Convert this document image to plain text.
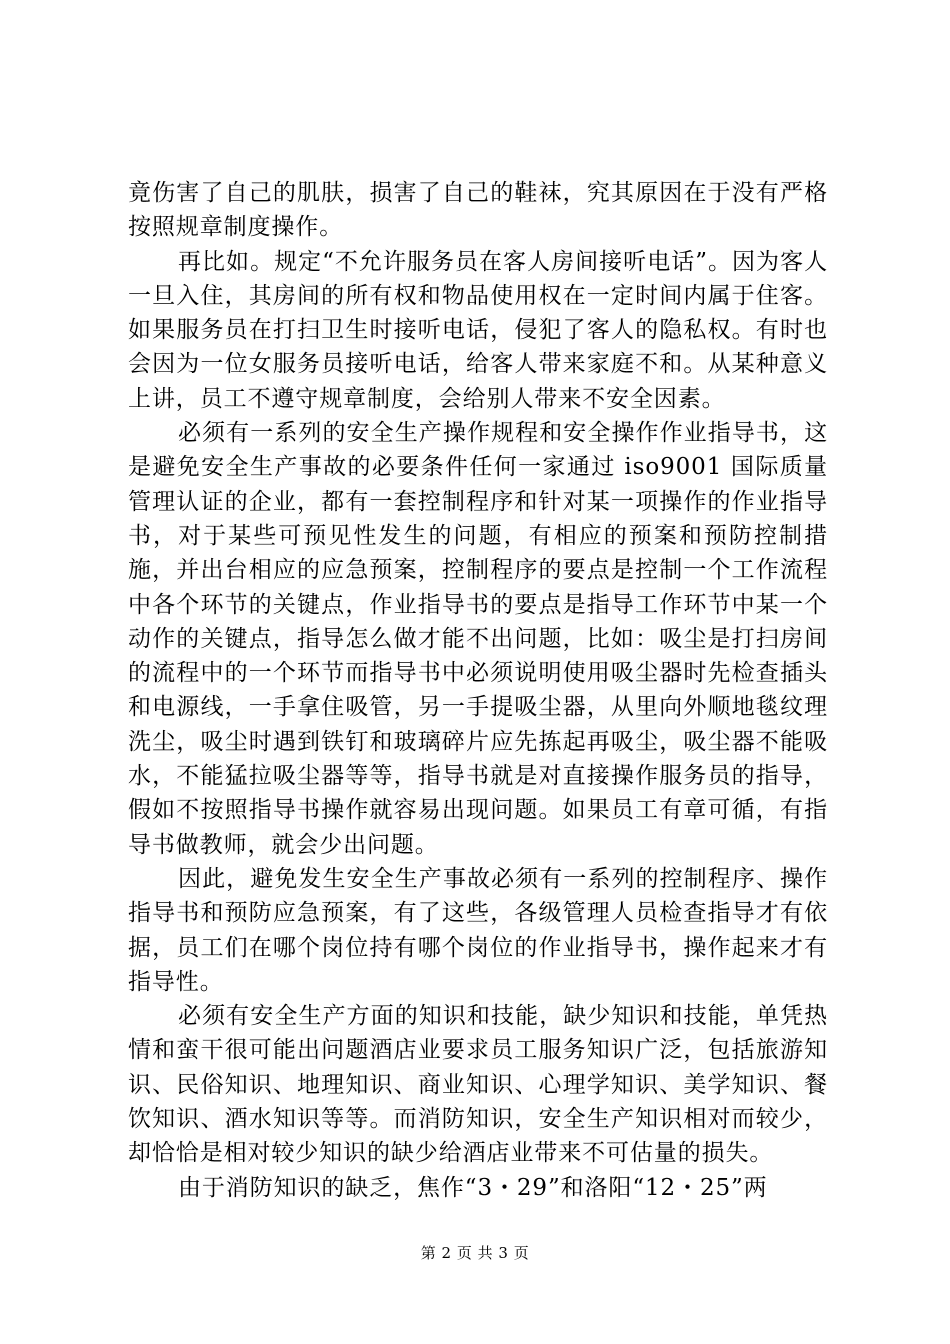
竟伤害了自己的肌肤，损害了自己的鞋袜，究其原因在于没有严格按照规章制度操作。

再比如。规定“不允许服务员在客人房间接听电话”。因为客人一旦入住，其房间的所有权和物品使用权在一定时间内属于住客。如果服务员在打扫卫生时接听电话，侵犯了客人的隐私权。有时也会因为一位女服务员接听电话，给客人带来家庭不和。从某种意义上讲，员工不遵守规章制度，会给别人带来不安全因素。

必须有一系列的安全生产操作规程和安全操作作业指导书，这是避免安全生产事故的必要条件任何一家通过 iso9001 国际质量管理认证的企业，都有一套控制程序和针对某一项操作的作业指导书，对于某些可预见性发生的问题，有相应的预案和预防控制措施，并出台相应的应急预案，控制程序的要点是控制一个工作流程中各个环节的关键点，作业指导书的要点是指导工作环节中某一个动作的关键点，指导怎么做才能不出问题，比如：吸尘是打扫房间的流程中的一个环节而指导书中必须说明使用吸尘器时先检查插头和电源线，一手拿住吸管，另一手提吸尘器，从里向外顺地毯纹理洗尘，吸尘时遇到铁钉和玻璃碎片应先拣起再吸尘，吸尘器不能吸水，不能猛拉吸尘器等等，指导书就是对直接操作服务员的指导，假如不按照指导书操作就容易出现问题。如果员工有章可循，有指导书做教师，就会少出问题。

因此，避免发生安全生产事故必须有一系列的控制程序、操作指导书和预防应急预案，有了这些，各级管理人员检查指导才有依据，员工们在哪个岗位持有哪个岗位的作业指导书，操作起来才有指导性。

必须有安全生产方面的知识和技能，缺少知识和技能，单凭热情和蛮干很可能出问题酒店业要求员工服务知识广泛，包括旅游知识、民俗知识、地理知识、商业知识、心理学知识、美学知识、餐饮知识、酒水知识等等。而消防知识，安全生产知识相对而较少，却恰恰是相对较少知识的缺少给酒店业带来不可估量的损失。

由于消防知识的缺乏，焦作“3・29”和洛阳“12・25”两

第 2 页 共 3 页
